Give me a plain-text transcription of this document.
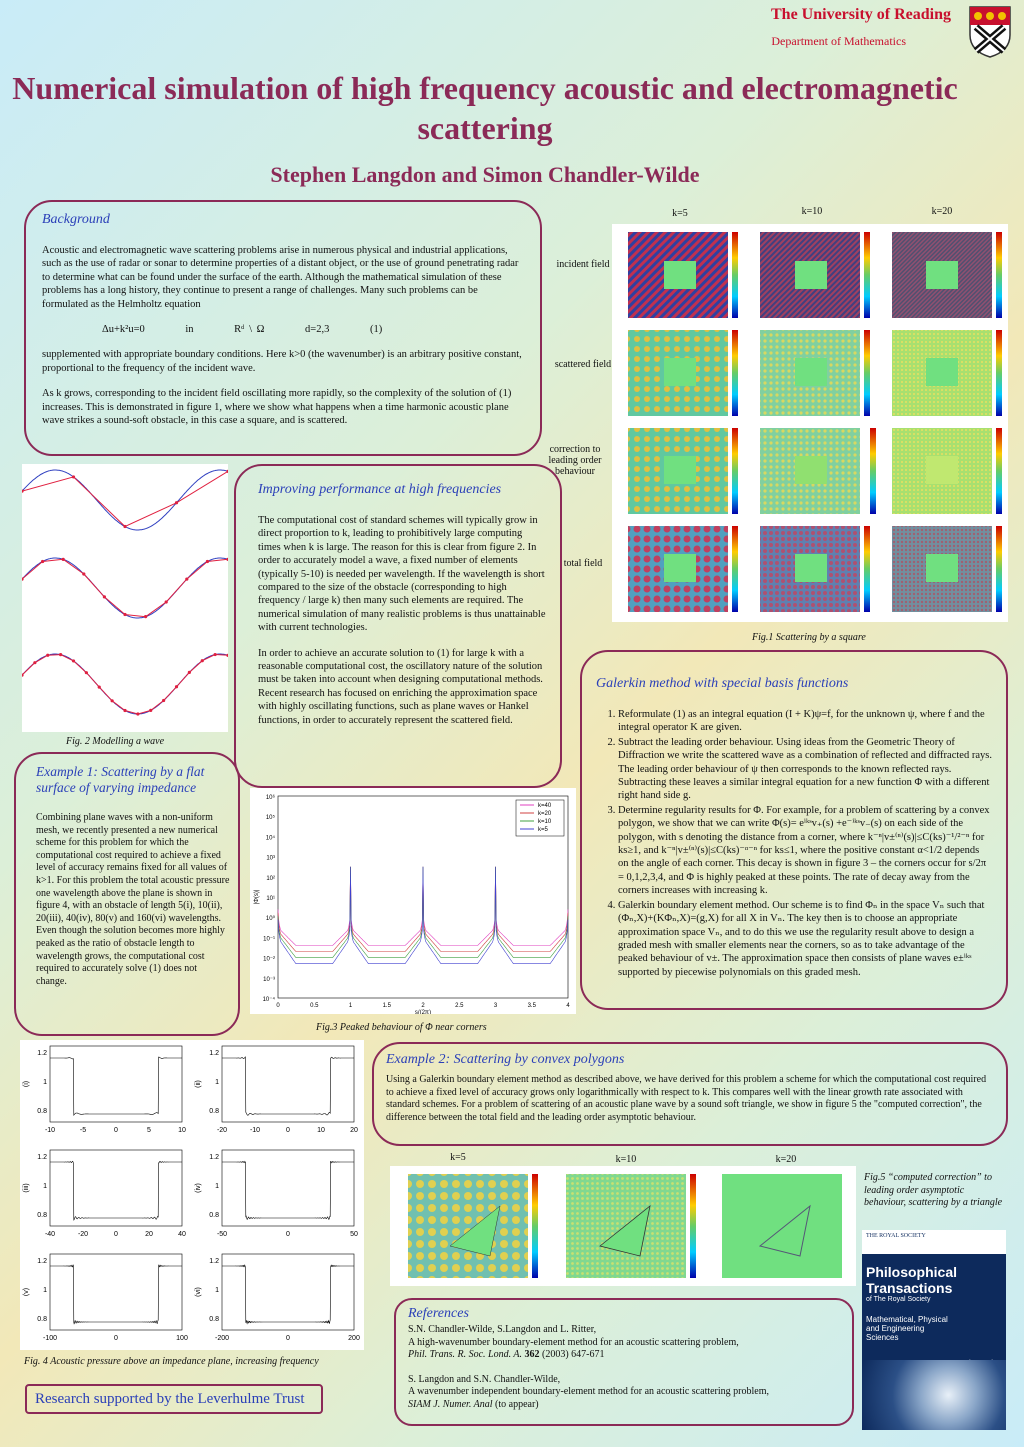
The University of Reading
Department of Mathematics
Numerical simulation of high frequency acoustic and electromagnetic scattering
Stephen Langdon and Simon Chandler-Wilde
Background

Acoustic and electromagnetic wave scattering problems arise in numerous physical and industrial applications, such as the use of radar or sonar to determine properties of a distant object, or the use of ground penetrating radar to determine what can be found under the surface of the earth. Although the mathematical simulation of these problems has a long history, they continue to present a range of challenges. Many such problems can be formulated as the Helmholtz equation

Δu+k²u=0	in	Rᵈ \ Ω	d=2,3	(1)

supplemented with appropriate boundary conditions. Here k>0 (the wavenumber) is an arbitrary positive constant, proportional to the frequency of the incident wave.

As k grows, corresponding to the incident field oscillating more rapidly, so the complexity of the solution of (1) increases. This is demonstrated in figure 1, where we show what happens when a time harmonic acoustic plane wave strikes a sound-soft obstacle, in this case a square, and is scattered.

k=5	k=10	k=20
incident field
scattered field
correction to leading order behaviour
total field
Fig.1 Scattering by a square
Fig. 2 Modelling a wave
Improving performance at high frequencies

The computational cost of standard schemes will typically grow in direct proportion to k, leading to prohibitively large computing times when k is large. The reason for this is clear from figure 2. In order to accurately model a wave, a fixed number of elements (typically 5-10) is needed per wavelength. If the wavelength is short compared to the size of the obstacle (corresponding to high frequency / large k) then many such elements are required. The numerical simulation of many realistic problems is thus unattainable with current technologies.

In order to achieve an accurate solution to (1) for large k with a reasonable computational cost, the oscillatory nature of the solution must be taken into account when designing computational methods. Recent research has focused on enriching the approximation space with highly oscillating functions, such as plane waves or Hankel functions, in order to accurately represent the scattered field.

Galerkin method with special basis functions
1. Reformulate (1) as an integral equation (I + K)ψ=f, for the unknown ψ, where f and the integral operator K are given.
2. Subtract the leading order behaviour. Using ideas from the Geometric Theory of Diffraction we write the scattered wave as a combination of reflected and diffracted rays. The leading order behaviour of ψ then corresponds to the known reflected rays. Subtracting these leaves a similar integral equation for a new function Φ with a different right hand side g.
3. Determine regularity results for Φ. For example, for a problem of scattering by a convex polygon, we show that we can write Φ(s)= eⁱᵏˢv₊(s) +e⁻ⁱᵏˢv₋(s) on each side of the polygon, with s denoting the distance from a corner, where k⁻ⁿ|v±⁽ⁿ⁾(s)|≤C(ks)⁻¹/²⁻ⁿ for ks≥1, and k⁻ⁿ|v±⁽ⁿ⁾(s)|≤C(ks)⁻ᵅ⁻ⁿ for ks≤1, where the positive constant α<1/2 depends on the angle of each corner. This decay is shown in figure 3 – the corners occur for s/2π = 0,1,2,3,4, and Φ is highly peaked at these points. The rate of decay away from the corners increases with increasing k.
4. Galerkin boundary element method. Our scheme is to find Φₙ in the space Vₙ such that (Φₙ,X)+(KΦₙ,X)=(g,X) for all X in Vₙ. The key then is to choose an appropriate approximation space Vₙ, and to do this we use the regularity result above to design a graded mesh with smaller elements near the corners, so as to take advantage of the peaked behaviour of v±. The approximation space then consists of plane waves e±ⁱᵏˢ supported by piecewise polynomials on this graded mesh.
Example 1: Scattering by a flat surface of varying impedance
Combining plane waves with a non-uniform mesh, we recently presented a new numerical scheme for this problem for which the computational cost required to achieve a fixed level of accuracy remains fixed for all values of k>1. For this problem the total acoustic pressure one wavelength above the plane is shown in figure 4, with an obstacle of length 5(i), 10(ii), 20(iii), 40(iv), 80(v) and 160(vi) wavelengths.
Even though the solution becomes more highly peaked as the ratio of obstacle length to wavelength grows, the computational cost required to accurately solve (1) does not change.
10⁶
10⁵
10⁴
10³
10²
10¹
10⁰
10⁻¹
10⁻²
10⁻³
10⁻⁴
0	0.5	1	1.5	2	2.5	3	3.5	4
s/(2π)
|Φ(s)|
k=40
k=20
k=10
k=5
Fig.3 Peaked behaviour of Φ near corners
1.2
1
0.8
-10	-5	0	5	10
(i)
1.2
1
0.8
-20	-10	0	10	20
(ii)
1.2
1
0.8
-40	-20	0	20	40
(iii)
1.2
1
0.8
-50	0	50
(iv)
1.2
1
0.8
-100	0	100
(v)
1.2
1
0.8
-200	0	200
(vi)
Fig. 4 Acoustic pressure above an impedance plane, increasing frequency
Example 2: Scattering by convex polygons
Using a Galerkin boundary element method as described above, we have derived for this problem a scheme for which the computational cost required to achieve a fixed level of accuracy grows only logarithmically with respect to k. This compares well with the linear growth rate associated with standard schemes. For a problem of scattering of an acoustic plane wave by a sound soft triangle, we show in figure 5 the "computed correction", the difference between the total field and the leading order asymptotic behaviour.
k=5	k=10	k=20
Fig.5 “computed correction” to leading order asymptotic behaviour, scattering by a triangle
References
S.N. Chandler-Wilde, S.Langdon and L. Ritter,
A high-wavenumber boundary-element method for an acoustic scattering problem,
Phil. Trans. R. Soc. Lond. A. 362 (2003) 647-671
S. Langdon and S.N. Chandler-Wilde,
A wavenumber independent boundary-element method for an acoustic scattering problem,
SIAM J. Numer. Anal (to appear)
THE ROYAL SOCIETY
Philosophical
Transactions
of The Royal Society
Mathematical, Physical and Engineering Sciences
Research supported by the Leverhulme Trust
